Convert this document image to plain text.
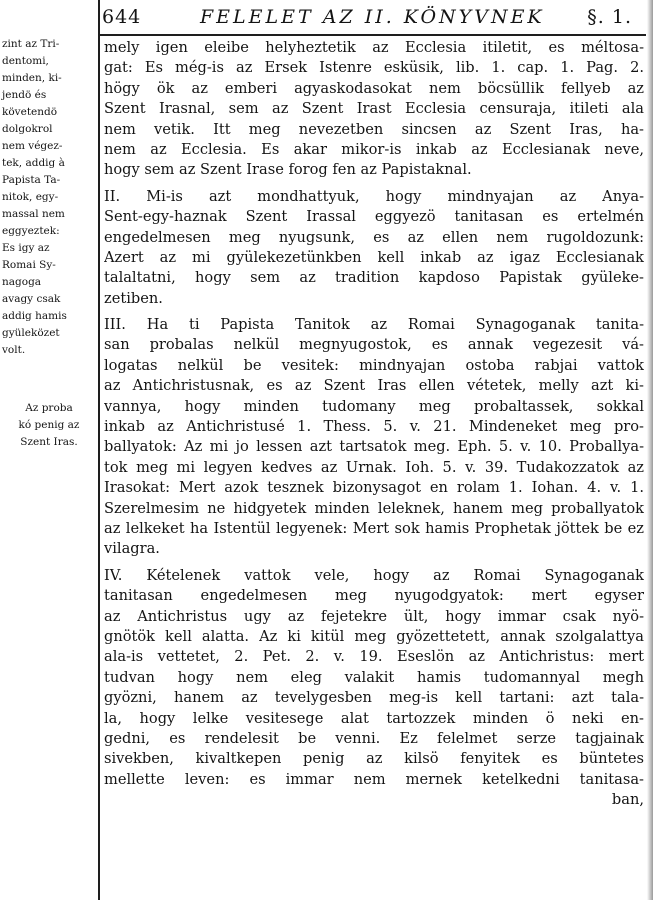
644	FELELET AZ II. KÖNYVNEK §. 1.
zint az Tri-
dentomi,
minden, ki-
jendö és
követendö
dolgokrol
nem végez-
tek, addig à
Papista Ta-
nitok, egy-
massal nem
eggyeztek:
Es igy az
Romai Sy-
nagoga
avagy csak
addig hamis
gyüleközet
volt.
Az proba
kó penig az
Szent Iras.
mely igen eleibe helyheztetik az Ecclesia itiletit, es méltosa-
gat: Es még-is az Ersek Istenre esküsik, lib. 1. cap. 1. Pag. 2.
högy ök az emberi agyaskodasokat nem böcsüllik fellyeb az
Szent Irasnal, sem az Szent Irast Ecclesia censuraja, itileti ala
nem vetik. Itt meg nevezetben sincsen az Szent Iras, ha-
nem az Ecclesia. Es akar mikor-is inkab az Ecclesianak neve,
hogy sem az Szent Irase forog fen az Papistaknal.
II. Mi-is azt mondhattyuk, hogy mindnyajan az Anya-
Sent-egy-haznak Szent Irassal eggyezö tanitasan es ertelmén
engedelmesen meg nyugsunk, es az ellen nem rugoldozunk:
Azert az mi gyülekezetünkben kell inkab az igaz Ecclesianak
talaltatni, hogy sem az tradition kapdoso Papistak gyüleke-
zetiben.
III. Ha ti Papista Tanitok az Romai Synagoganak tanita-
san probalas nelkül megnyugostok, es annak vegezesit vá-
logatas nelkül be vesitek: mindnyajan ostoba rabjai vattok
az Antichristusnak, es az Szent Iras ellen vétetek, melly azt ki-
vannya, hogy minden tudomany meg probaltassek, sokkal
inkab az Antichristusé 1. Thess. 5. v. 21. Mindeneket meg pro-
ballyatok: Az mi jo lessen azt tartsatok meg. Eph. 5. v. 10. Proballya-
tok meg mi legyen kedves az Urnak. Ioh. 5. v. 39. Tudakozzatok az
Irasokat: Mert azok tesznek bizonysagot en rolam 1. Iohan. 4. v. 1.
Szerelmesim ne hidgyetek minden leleknek, hanem meg proballyatok
az lelkeket ha Istentül legyenek: Mert sok hamis Prophetak jöttek be ez
vilagra.
IV. Kételenek vattok vele, hogy az Romai Synagoganak
tanitasan engedelmesen meg nyugodgyatok: mert egyser
az Antichristus ugy az fejetekre ült, hogy immar csak nyö-
gnötök kell alatta. Az ki kitül meg gyözettetett, annak szolgalattya
ala-is vettetet, 2. Pet. 2. v. 19. Eseslön az Antichristus: mert
tudvan hogy nem eleg valakit hamis tudomannyal megh
gyözni, hanem az tevelygesben meg-is kell tartani: azt tala-
la, hogy lelke vesitesege alat tartozzek minden ö neki en-
gedni, es rendelesit be venni. Ez felelmet serze tagjainak
sivekben, kivaltkepen penig az kilsö fenyitek es büntetes
mellette leven: es immar nem mernek ketelkedni tanitasa-
ban,
